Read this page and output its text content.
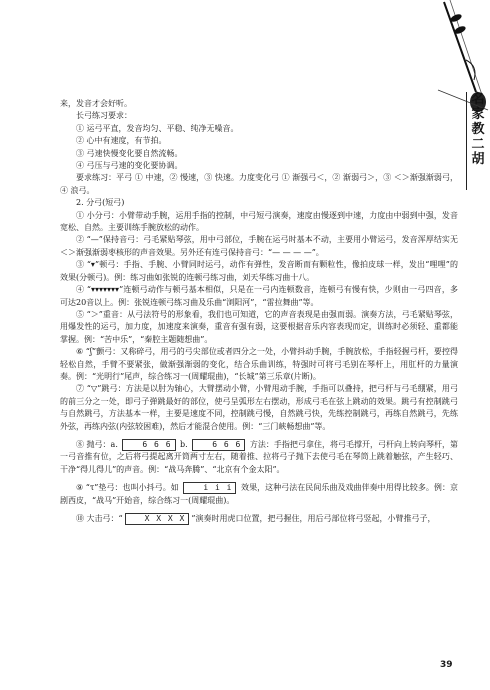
名
家
教
二
胡

来，发音才会好听。

长弓练习要求：

① 运弓平直，发音均匀、平稳、纯净无噪音。

② 心中有速度，有节拍。

③ 弓速快慢变化要自然流畅。

④ 弓压与弓速的变化要协调。

要求练习：平弓 ① 中速，② 慢速，③ 快速。力度变化弓 ① 渐强弓＜，② 渐弱弓＞，③ ＜＞渐强渐弱弓，④ 浪弓。

2. 分弓(短弓)

① 小分弓：小臂带动手腕，运用手指的控制，中弓短弓演奏，速度由慢逐到中速，力度由中弱到中强，发音宽松、自然。主要训练手腕放松的动作。

② “—”保持音弓：弓毛紧贴琴弦，用中弓部位，手腕在运弓时基本不动，主要用小臂运弓，发音浑厚结实无＜＞渐强渐弱枣核形的声音效果。另外还有连弓保持音弓：“— — — —”。

③ “▾”顿弓：手指、手腕、小臂同时运弓，动作有弹性，发音断而有颗粒性，像拍皮球一样，发出“哩哩”的效果(分顿弓)。例：练习曲如张锐的连顿弓练习曲，刘天华练习曲十八。

④ “▾▾▾▾▾▾▾”连顿弓动作与顿弓基本相似，只是在一弓内连顿数音，连顿弓有慢有快，少则由一弓四音，多可达20音以上。例：张锐连顿弓练习曲及乐曲“浏阳河”，“雷拉舞曲”等。

⑤ “＞”重音：从弓法符号的形象看，我们也可知道，它的声音表现是由强而弱。演奏方法，弓毛紧贴琴弦，用爆发性的运弓，加力度，加速度来演奏，重音有强有弱，这要根据音乐内容表现而定，训练时必须轻、重都能掌握。例：“苦中乐”，“秦腔主题随想曲”。

⑥ “ʃ”颤弓：又称碎弓，用弓的弓尖部位或者四分之一处，小臂抖动手腕，手腕放松，手指轻握弓杆，要控得轻松自然，手臂不要紧张，做渐强渐弱的变化，结合乐曲训练，特强时可将弓毛别在琴杆上，用肛杆的力量演奏。例：“光明行”尾声，综合练习一(周耀琨曲)，“长城”第三乐章(片断)。

⑦ “▽”跳弓：方法是以肘为轴心，大臂摆动小臂，小臂甩动手腕，手指可以叠持，把弓杆与弓毛绷紧，用弓的前三分之一处，即弓子弹跳最好的部位，使弓呈弧形左右摆动，形成弓毛在弦上跳动的效果。跳弓有控制跳弓与自然跳弓，方法基本一样，主要是速度不同，控制跳弓慢，自然跳弓快，先练控制跳弓，再练自然跳弓，先练外弦，再练内弦(内弦较困难)，然后才能混合使用。例：“三门峡畅想曲”等。

⑧ 抛弓：a.	6 6 6 b.	6 6 6 方法：手指把弓拿住，将弓毛撑开，弓杆向上转向琴杆，第一弓音推有位，之后将弓提起离开筒两寸左右，随着推、拉将弓子抛下去使弓毛在琴筒上跳着触弦，产生轻巧、干净“得儿得儿”的声音。例：“战马奔腾”、“北京有个金太阳”。

⑨ “τ”垫弓：也叫小抖弓。如	i i i 效果，这种弓法在民间乐曲及戏曲伴奏中用得比较多。例：京剧西皮，“战马”开始音，综合练习一(周耀琨曲)。

⑩ 大击弓：“	X X X X ”演奏时用虎口位置，把弓握住，用后弓部位将弓竖起，小臂推弓子，

39
